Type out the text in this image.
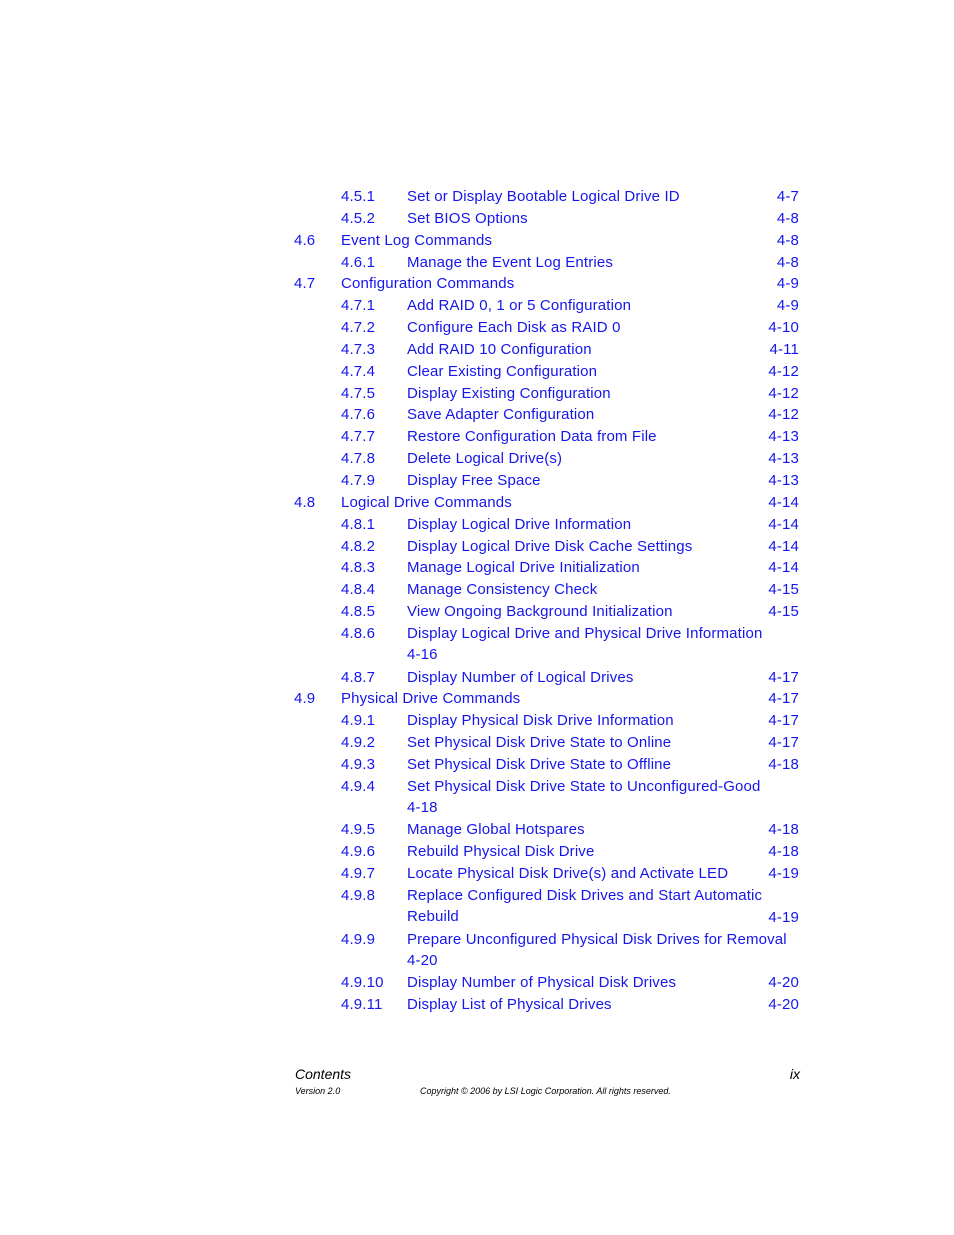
4.5.1 Set or Display Bootable Logical Drive ID	4-7
4.5.2 Set BIOS Options	4-8
4.6 Event Log Commands	4-8
4.6.1 Manage the Event Log Entries	4-8
4.7 Configuration Commands	4-9
4.7.1 Add RAID 0, 1 or 5 Configuration	4-9
4.7.2 Configure Each Disk as RAID 0	4-10
4.7.3 Add RAID 10 Configuration	4-11
4.7.4 Clear Existing Configuration	4-12
4.7.5 Display Existing Configuration	4-12
4.7.6 Save Adapter Configuration	4-12
4.7.7 Restore Configuration Data from File	4-13
4.7.8 Delete Logical Drive(s)	4-13
4.7.9 Display Free Space	4-13
4.8 Logical Drive Commands	4-14
4.8.1 Display Logical Drive Information	4-14
4.8.2 Display Logical Drive Disk Cache Settings	4-14
4.8.3 Manage Logical Drive Initialization	4-14
4.8.4 Manage Consistency Check	4-15
4.8.5 View Ongoing Background Initialization	4-15
4.8.6 Display Logical Drive and Physical Drive Information
4-16
4.8.7 Display Number of Logical Drives	4-17
4.9 Physical Drive Commands	4-17
4.9.1 Display Physical Disk Drive Information	4-17
4.9.2 Set Physical Disk Drive State to Online	4-17
4.9.3 Set Physical Disk Drive State to Offline	4-18
4.9.4 Set Physical Disk Drive State to Unconfigured-Good
4-18
4.9.5 Manage Global Hotspares	4-18
4.9.6 Rebuild Physical Disk Drive	4-18
4.9.7 Locate Physical Disk Drive(s) and Activate LED	4-19
4.9.8 Replace Configured Disk Drives and Start Automatic Rebuild	4-19
4.9.9 Prepare Unconfigured Physical Disk Drives for Removal
4-20
4.9.10 Display Number of Physical Disk Drives	4-20
4.9.11 Display List of Physical Drives	4-20
Contents	ix
Version 2.0	Copyright © 2006 by LSI Logic Corporation. All rights reserved.
